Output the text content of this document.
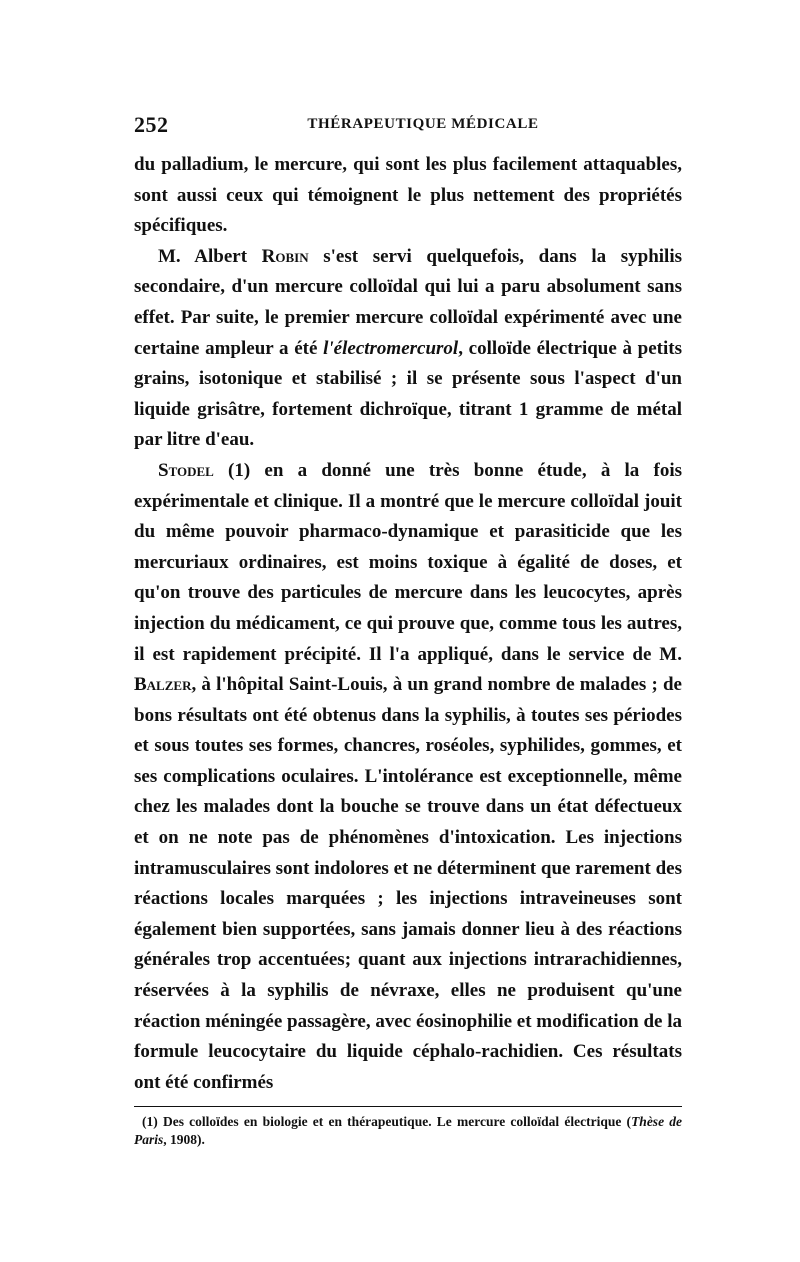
252	THÉRAPEUTIQUE MÉDICALE

du palladium, le mercure, qui sont les plus facilement attaquables, sont aussi ceux qui témoignent le plus nettement des propriétés spécifiques.

M. Albert Robin s'est servi quelquefois, dans la syphilis secondaire, d'un mercure colloïdal qui lui a paru absolument sans effet. Par suite, le premier mercure colloïdal expérimenté avec une certaine ampleur a été l'électromercurol, colloïde électrique à petits grains, isotonique et stabilisé ; il se présente sous l'aspect d'un liquide grisâtre, fortement dichroïque, titrant 1 gramme de métal par litre d'eau.

Stodel (1) en a donné une très bonne étude, à la fois expérimentale et clinique. Il a montré que le mercure colloïdal jouit du même pouvoir pharmaco-dynamique et parasiticide que les mercuriaux ordinaires, est moins toxique à égalité de doses, et qu'on trouve des particules de mercure dans les leucocytes, après injection du médicament, ce qui prouve que, comme tous les autres, il est rapidement précipité. Il l'a appliqué, dans le service de M. Balzer, à l'hôpital Saint-Louis, à un grand nombre de malades ; de bons résultats ont été obtenus dans la syphilis, à toutes ses périodes et sous toutes ses formes, chancres, roséoles, syphilides, gommes, et ses complications oculaires. L'intolérance est exceptionnelle, même chez les malades dont la bouche se trouve dans un état défectueux et on ne note pas de phénomènes d'intoxication. Les injections intramusculaires sont indolores et ne déterminent que rarement des réactions locales marquées ; les injections intraveineuses sont également bien supportées, sans jamais donner lieu à des réactions générales trop accentuées; quant aux injections intrarachidiennes, réservées à la syphilis de névraxe, elles ne produisent qu'une réaction méningée passagère, avec éosinophilie et modification de la formule leucocytaire du liquide céphalo-rachidien. Ces résultats ont été confirmés

(1) Des colloïdes en biologie et en thérapeutique. Le mercure colloïdal électrique (Thèse de Paris, 1908).
